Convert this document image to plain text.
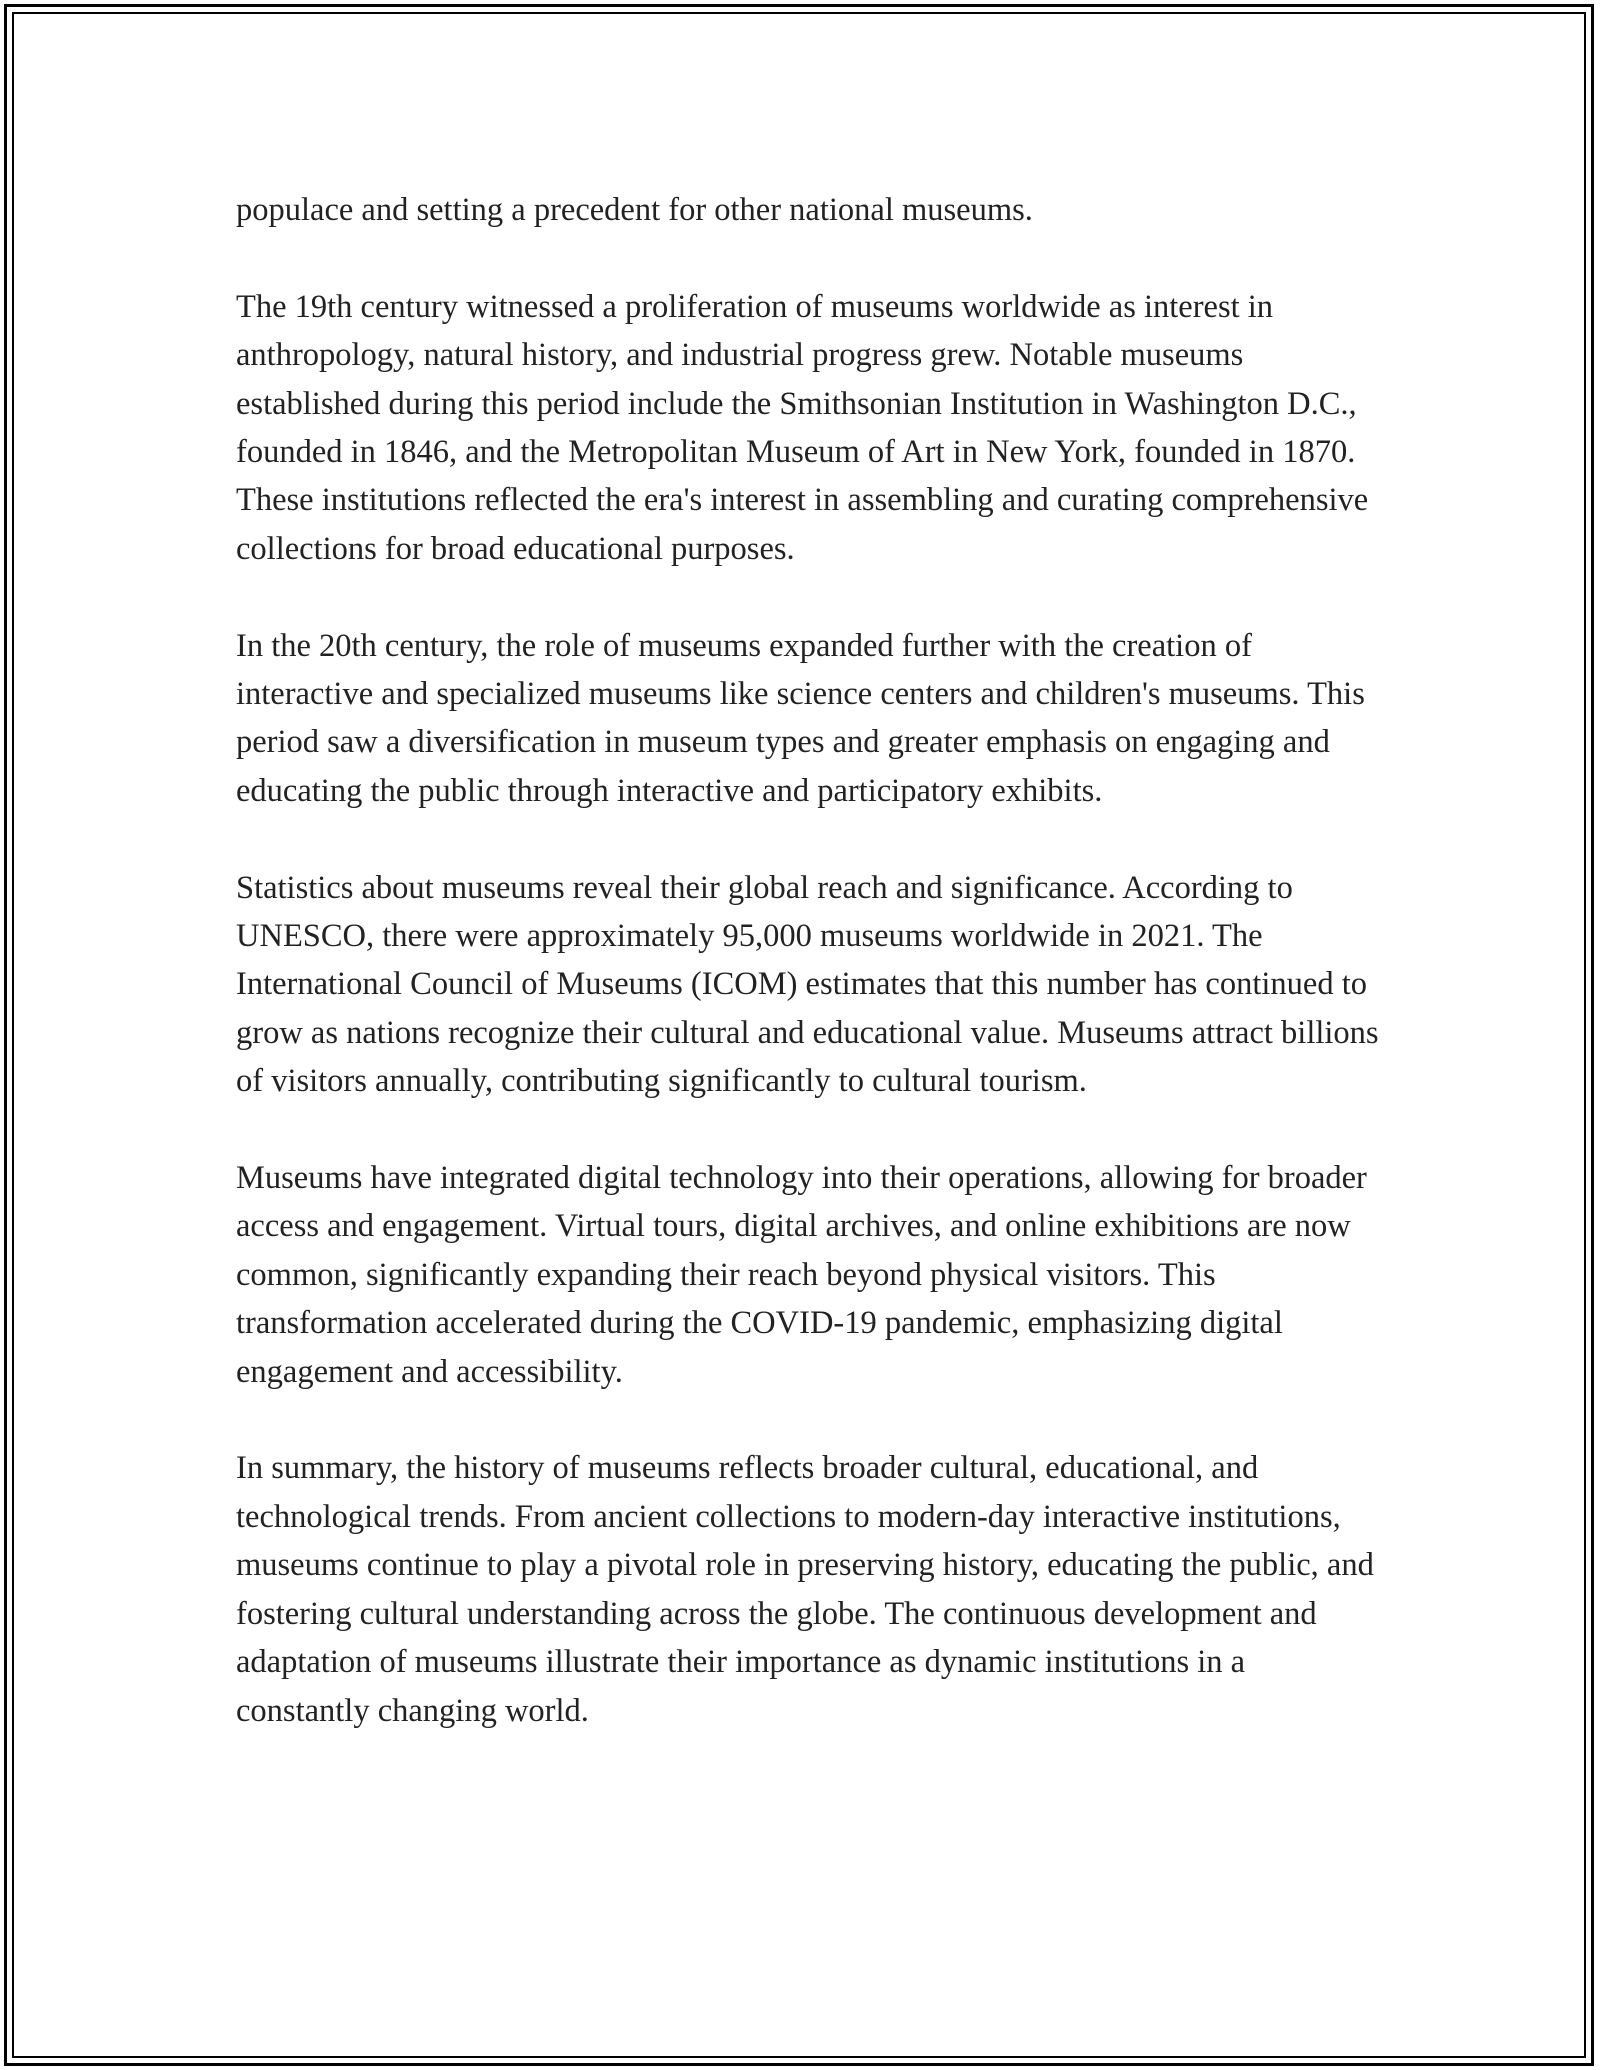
populace and setting a precedent for other national museums.

The 19th century witnessed a proliferation of museums worldwide as interest in anthropology, natural history, and industrial progress grew. Notable museums established during this period include the Smithsonian Institution in Washington D.C., founded in 1846, and the Metropolitan Museum of Art in New York, founded in 1870. These institutions reflected the era's interest in assembling and curating comprehensive collections for broad educational purposes.

In the 20th century, the role of museums expanded further with the creation of interactive and specialized museums like science centers and children's museums. This period saw a diversification in museum types and greater emphasis on engaging and educating the public through interactive and participatory exhibits.

Statistics about museums reveal their global reach and significance. According to UNESCO, there were approximately 95,000 museums worldwide in 2021. The International Council of Museums (ICOM) estimates that this number has continued to grow as nations recognize their cultural and educational value. Museums attract billions of visitors annually, contributing significantly to cultural tourism.

Museums have integrated digital technology into their operations, allowing for broader access and engagement. Virtual tours, digital archives, and online exhibitions are now common, significantly expanding their reach beyond physical visitors. This transformation accelerated during the COVID-19 pandemic, emphasizing digital engagement and accessibility.

In summary, the history of museums reflects broader cultural, educational, and technological trends. From ancient collections to modern-day interactive institutions, museums continue to play a pivotal role in preserving history, educating the public, and fostering cultural understanding across the globe. The continuous development and adaptation of museums illustrate their importance as dynamic institutions in a constantly changing world.
